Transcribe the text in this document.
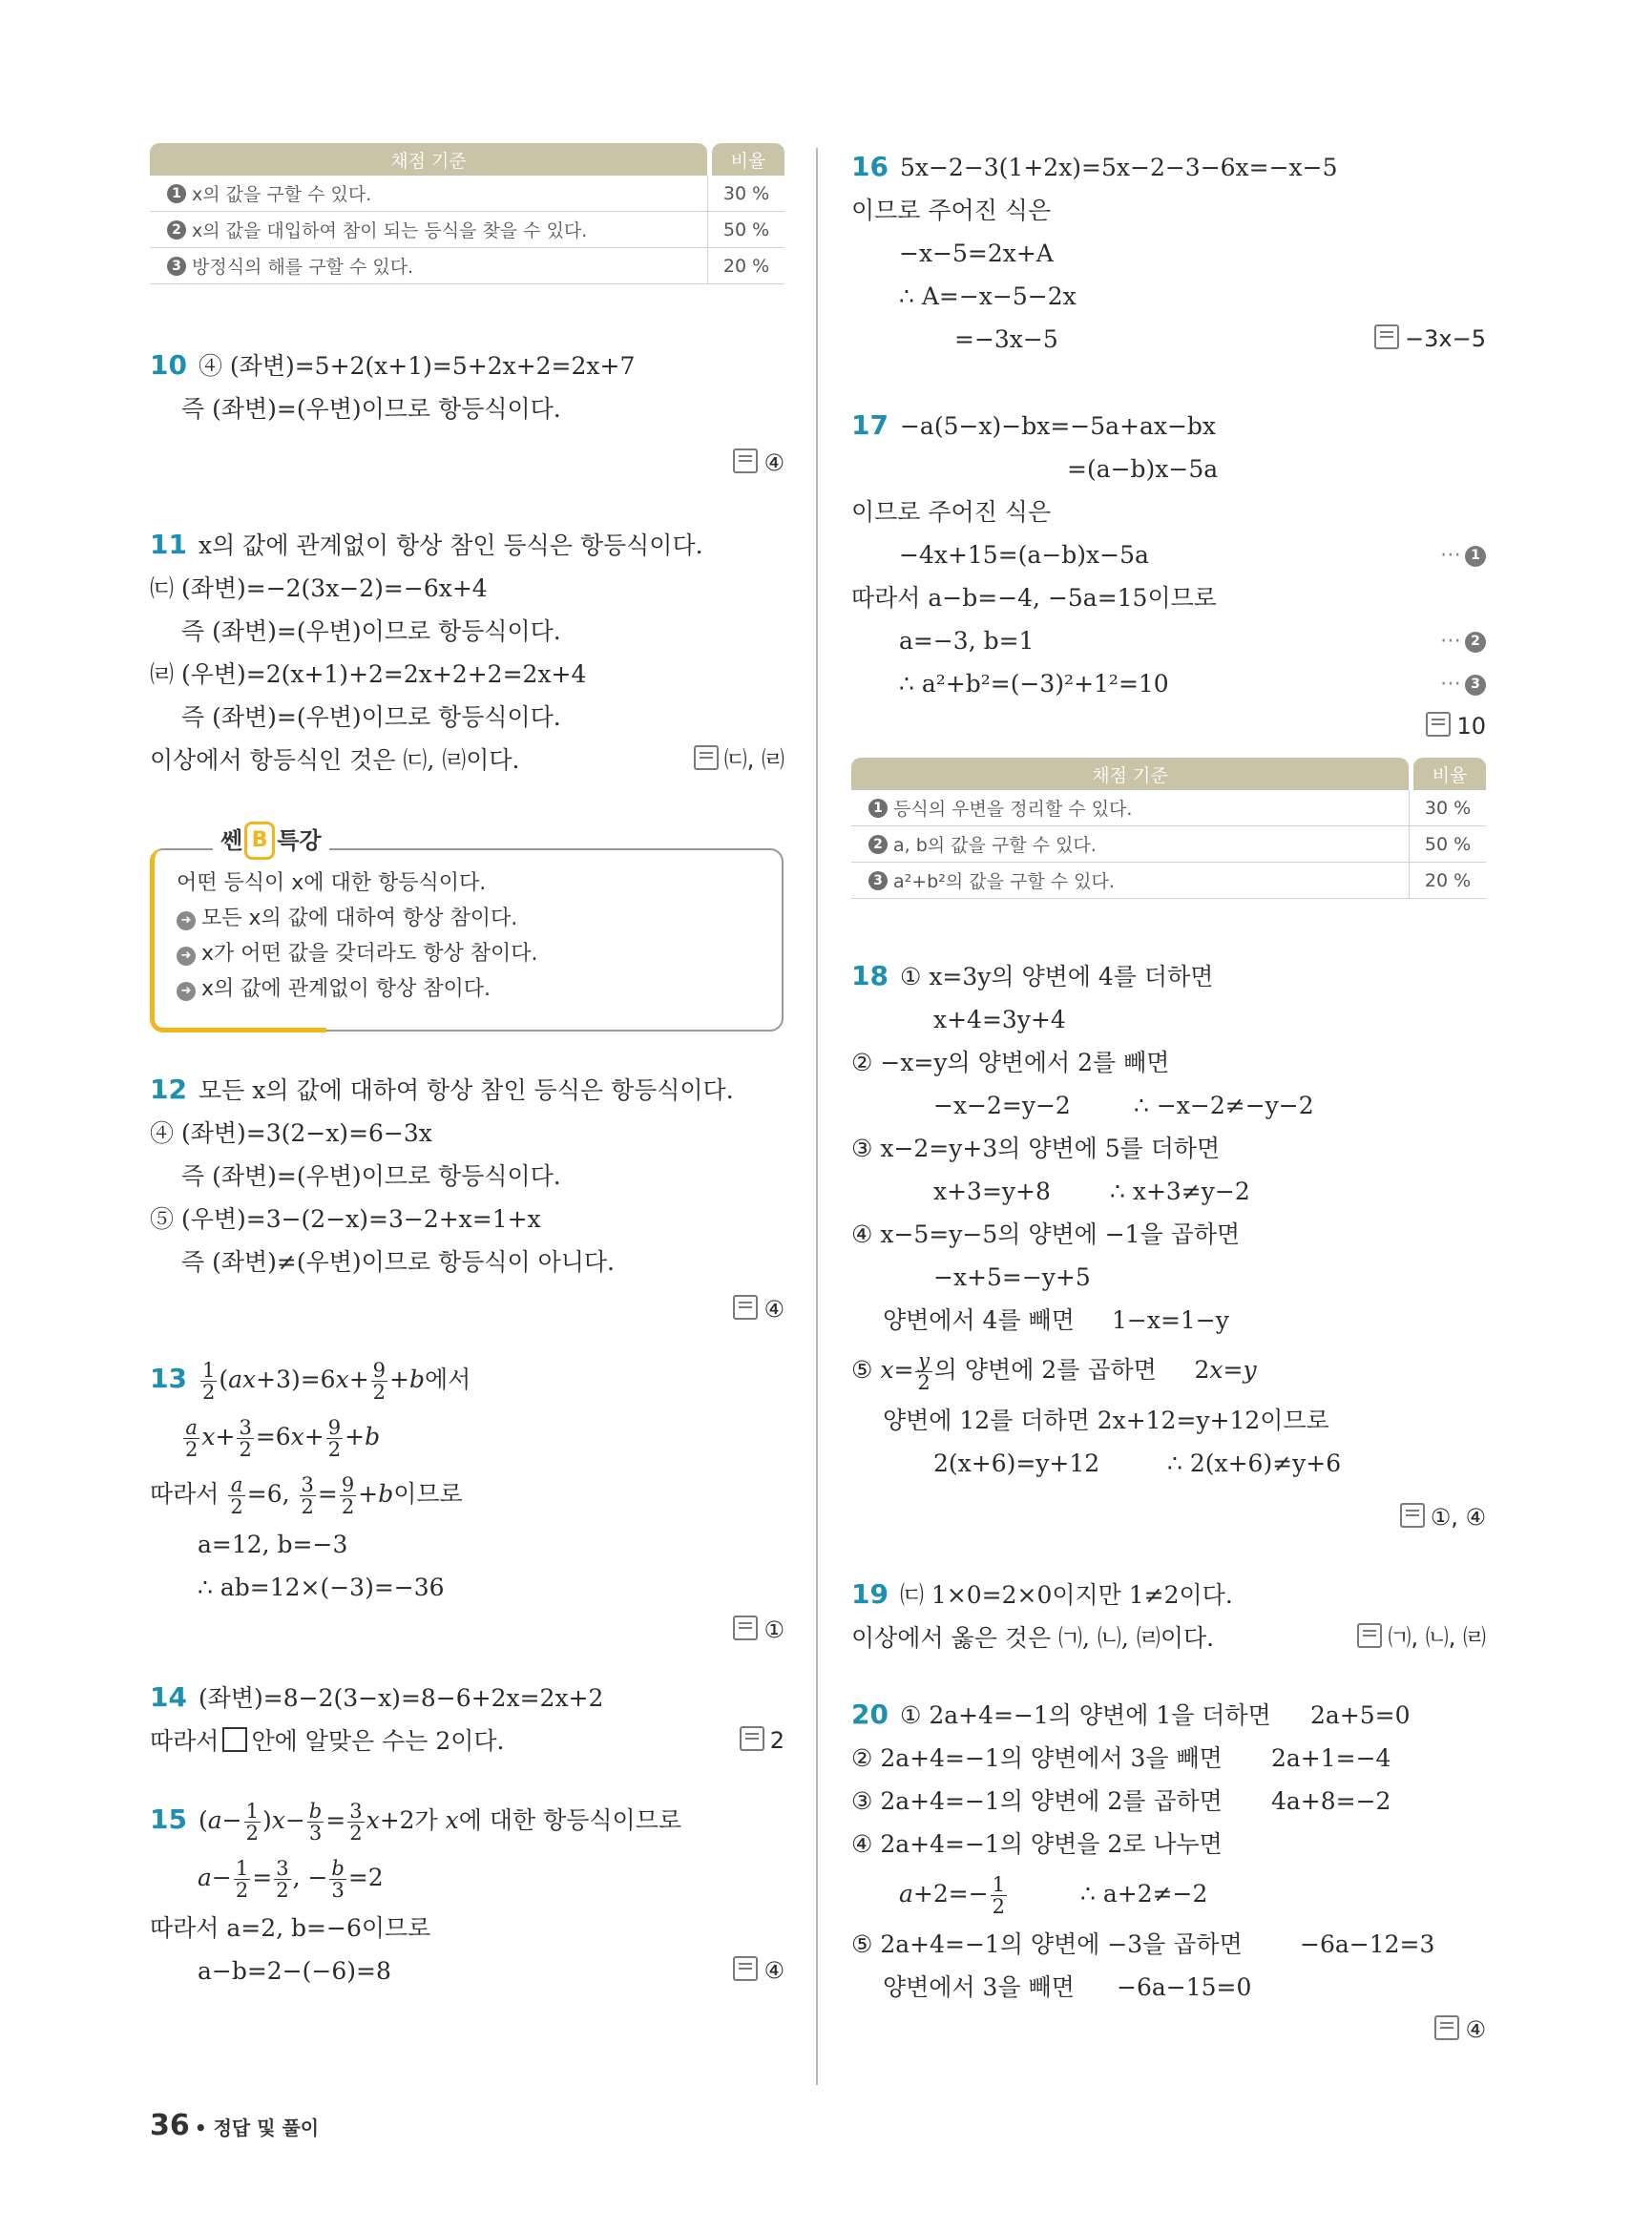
채점 기준	비율
1 x의 값을 구할 수 있다.	30 %
2 x의 값을 대입하여 참이 되는 등식을 찾을 수 있다.	50 %
3 방정식의 해를 구할 수 있다.	20 %
10 ④ (좌변)=5+2(x+1)=5+2x+2=2x+7
즉 (좌변)=(우변)이므로 항등식이다.
④
11 x의 값에 관계없이 항상 참인 등식은 항등식이다.
㈂ (좌변)=−2(3x−2)=−6x+4
즉 (좌변)=(우변)이므로 항등식이다.
㈃ (우변)=2(x+1)+2=2x+2+2=2x+4
즉 (좌변)=(우변)이므로 항등식이다.
이상에서 항등식인 것은 ㈂, ㈃이다.	㈂, ㈃
쎈 B 특강
어떤 등식이 x에 대한 항등식이다.
➜ 모든 x의 값에 대하여 항상 참이다.
➜ x가 어떤 값을 갖더라도 항상 참이다.
➜ x의 값에 관계없이 항상 참이다.
12 모든 x의 값에 대하여 항상 참인 등식은 항등식이다.
④ (좌변)=3(2−x)=6−3x
즉 (좌변)=(우변)이므로 항등식이다.
⑤ (우변)=3−(2−x)=3−2+x=1+x
즉 (좌변)≠(우변)이므로 항등식이 아니다.
④
$13 \frac{1}{2} (ax+3)=6x+ \frac{9}{2} +b$에서
$\frac{a}{2} x+ \frac{3}{2} =6x+ \frac{9}{2} +b$
따라서 $\frac{a}{2} =6$, $\frac{3}{2} = \frac{9}{2} +b$이므로
a=12, b=−3
∴ ab=12×(−3)=−36
①
14 (좌변)=8−2(3−x)=8−6+2x=2x+2
따라서 안에 알맞은 수는 2이다.	2
15 $(a- \frac{1}{2} )x- \frac{b}{3} = \frac{3}{2} x+2$가 x에 대한 항등식이므로
$a- \frac{1}{2} = \frac{3}{2}$ , − $\frac{b}{3} =2$
따라서 a=2, b=−6이므로
a−b=2−(−6)=8	④
16 5x−2−3(1+2x)=5x−2−3−6x=−x−5
이므로 주어진 식은
−x−5=2x+A
∴ A=−x−5−2x
=−3x−5	−3x−5
17 −a(5−x)−bx=−5a+ax−bx
=(a−b)x−5a
이므로 주어진 식은
−4x+15=(a−b)x−5a	⋯ 1
따라서 a−b=−4, −5a=15이므로
a=−3, b=1	⋯ 2
∴ a²+b²=(−3)²+1²=10	⋯ 3
10
채점 기준	비율
1 등식의 우변을 정리할 수 있다.	30 %
2 a, b의 값을 구할 수 있다.	50 %
3 a²+b²의 값을 구할 수 있다.	20 %
18 ① x=3y의 양변에 4를 더하면
x+4=3y+4
② −x=y의 양변에서 2를 빼면
−x−2=y−2	∴ −x−2≠−y−2
③ x−2=y+3의 양변에 5를 더하면
x+3=y+8 ∴ x+3≠y−2
④ x−5=y−5의 양변에 −1을 곱하면
−x+5=−y+5
양변에서 4를 빼면 1−x=1−y
⑤ $x= \frac{y}{2}$ 의 양변에 2를 곱하면     2x=y
양변에 12를 더하면 2x+12=y+12이므로
2(x+6)=y+12	∴ 2(x+6)≠y+6
①, ④
19 ㈂ 1×0=2×0이지만 1≠2이다.
이상에서 옳은 것은 ㈀, ㈁, ㈃이다.	㈀, ㈁, ㈃
20 ① 2a+4=−1의 양변에 1을 더하면 2a+5=0
② 2a+4=−1의 양변에서 3을 빼면 2a+1=−4
③ 2a+4=−1의 양변에 2를 곱하면 4a+8=−2
④ 2a+4=−1의 양변을 2로 나누면
$a+2=- \frac{1}{2}$	∴ a+2≠−2
⑤ 2a+4=−1의 양변에 −3을 곱하면 −6a−12=3
양변에서 3을 빼면 −6a−15=0
④
36 • 정답 및 풀이
